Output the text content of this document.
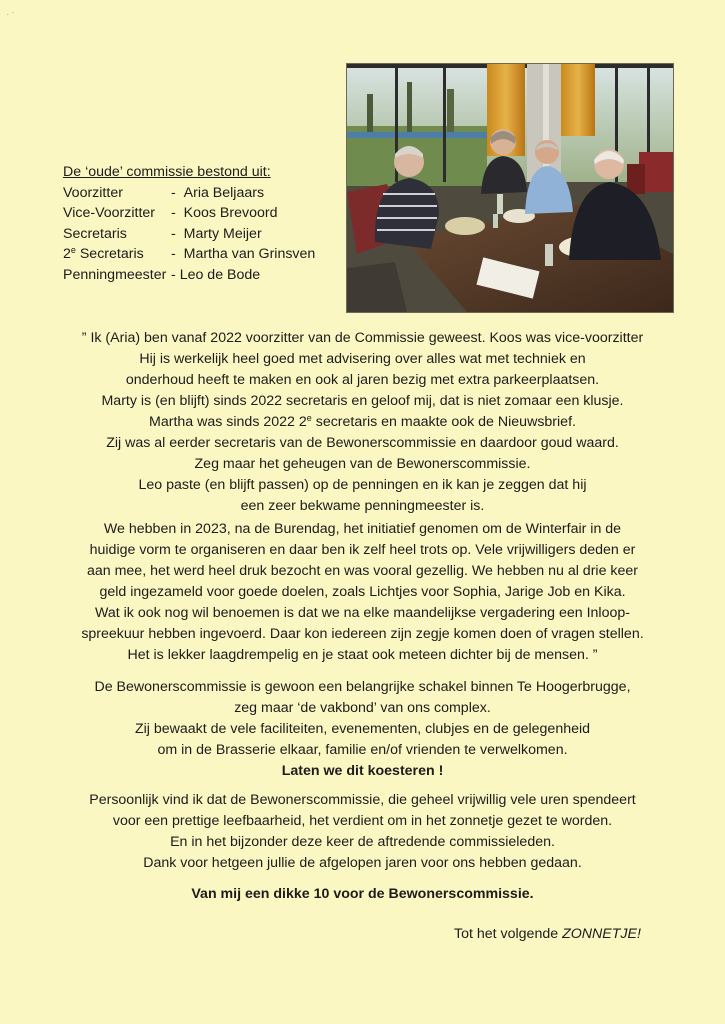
· ·
De ‘oude’ commissie bestond uit:
Voorzitter	- Aria Beljaars
Vice-Voorzitter	- Koos Brevoord
Secretaris	- Marty Meijer
2e Secretaris	- Martha van Grinsven
Penningmeester - Leo de Bode

” Ik (Aria) ben vanaf 2022 voorzitter van de Commissie geweest. Koos was vice-voorzitter

Hij is werkelijk heel goed met advisering over alles wat met techniek en

onderhoud heeft te maken en ook al jaren bezig met extra parkeerplaatsen.

Marty is (en blijft) sinds 2022 secretaris en geloof mij, dat is niet zomaar een klusje.

Martha was sinds 2022 2e secretaris en maakte ook de Nieuwsbrief.

Zij was al eerder secretaris van de Bewonerscommissie en daardoor goud waard.

Zeg maar het geheugen van de Bewonerscommissie.

Leo paste (en blijft passen) op de penningen en ik kan je zeggen dat hij

een zeer bekwame penningmeester is.

We hebben in 2023, na de Burendag, het initiatief genomen om de Winterfair in de

huidige vorm te organiseren en daar ben ik zelf heel trots op. Vele vrijwilligers deden er

aan mee, het werd heel druk bezocht en was vooral gezellig. We hebben nu al drie keer

geld ingezameld voor goede doelen, zoals Lichtjes voor Sophia, Jarige Job en Kika.

Wat ik ook nog wil benoemen is dat we na elke maandelijkse vergadering een Inloop-

spreekuur hebben ingevoerd. Daar kon iedereen zijn zegje komen doen of vragen stellen.

Het is lekker laagdrempelig en je staat ook meteen dichter bij de mensen. ”

De Bewonerscommissie is gewoon een belangrijke schakel binnen Te Hoogerbrugge,

zeg maar ‘de vakbond’ van ons complex.

Zij bewaakt de vele faciliteiten, evenementen, clubjes en de gelegenheid

om in de Brasserie elkaar, familie en/of vrienden te verwelkomen.

Laten we dit koesteren !

Persoonlijk vind ik dat de Bewonerscommissie, die geheel vrijwillig vele uren spendeert

voor een prettige leefbaarheid, het verdient om in het zonnetje gezet te worden.

En in het bijzonder deze keer de aftredende commissieleden.

Dank voor hetgeen jullie de afgelopen jaren voor ons hebben gedaan.

Van mij een dikke 10 voor de Bewonerscommissie.

Tot het volgende ZONNETJE!
